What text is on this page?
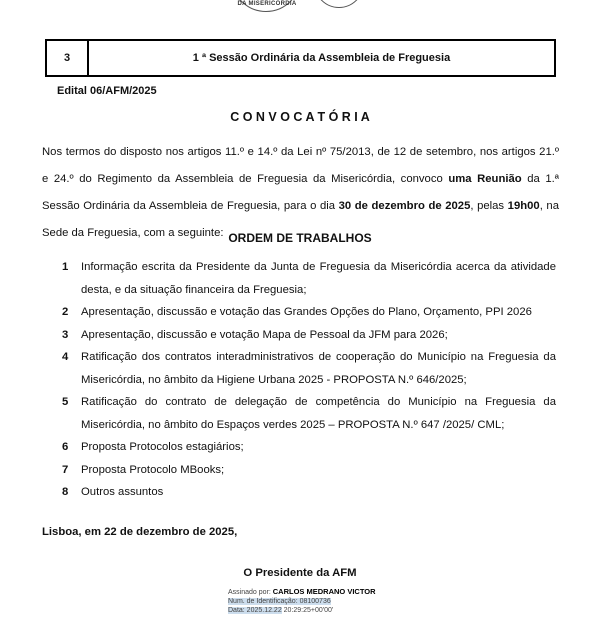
DA MISERICÓRDIA
3	1 ª Sessão Ordinária da Assembleia de Freguesia
Edital 06/AFM/2025
C O N V O C A T Ó R I A

Nos termos do disposto nos artigos 11.º e 14.º da Lei nº 75/2013, de 12 de setembro, nos artigos 21.º e 24.º do Regimento da Assembleia de Freguesia da Misericórdia, convoco uma Reunião da 1.ª Sessão Ordinária da Assembleia de Freguesia, para o dia 30 de dezembro de 2025, pelas 19h00, na Sede da Freguesia, com a seguinte: ORDEM DE TRABALHOS
1	Informação escrita da Presidente da Junta de Freguesia da Misericórdia acerca da atividade desta, e da situação financeira da Freguesia;
2	Apresentação, discussão e votação das Grandes Opções do Plano, Orçamento, PPI 2026
3	Apresentação, discussão e votação Mapa de Pessoal da JFM para 2026;
4	Ratificação dos contratos interadministrativos de cooperação do Município na Freguesia da Misericórdia, no âmbito da Higiene Urbana 2025 - PROPOSTA N.º 646/2025;
5	Ratificação do contrato de delegação de competência do Município na Freguesia da Misericórdia, no âmbito do Espaços verdes 2025 – PROPOSTA N.º 647 /2025/ CML;
6	Proposta Protocolos estagiários;
7	Proposta Protocolo MBooks;
8	Outros assuntos
Lisboa, em 22 de dezembro de 2025,
O Presidente da AFM
Assinado por: CARLOS MEDRANO VICTOR
Num. de Identificação: 08100736
Data: 2025.12.22 20:29:25+00'00'
